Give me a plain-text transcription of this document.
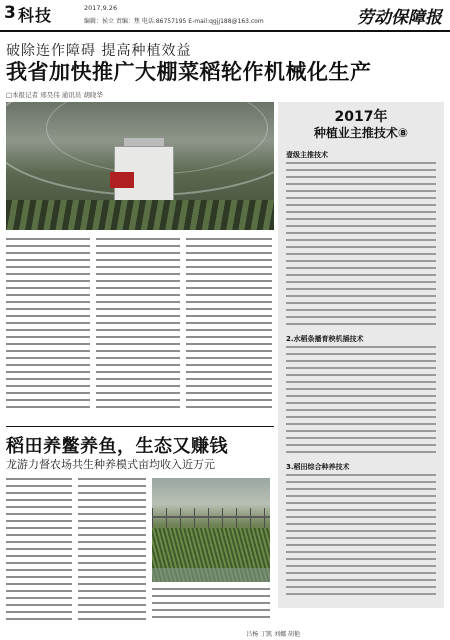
3 科技	2017.9.26
编辑：侯立 责编：焦 电话:86757195 E-mail:qgjj188@163.com	劳动保障报
破除连作障碍 提高种植效益
我省加快推广大棚菜稻轮作机械化生产
□本报记者 邢昊伟 通讯员 胡晓华
2017年
种植业主推技术⑧
壹级主推技术
2.水稻条播育秧机插技术
3.稻田综合种养技术
稻田养鳖养鱼，生态又赚钱
龙游力督农场共生种养模式亩均收入近万元
吕杨 丁凯 刘娜 胡艳
